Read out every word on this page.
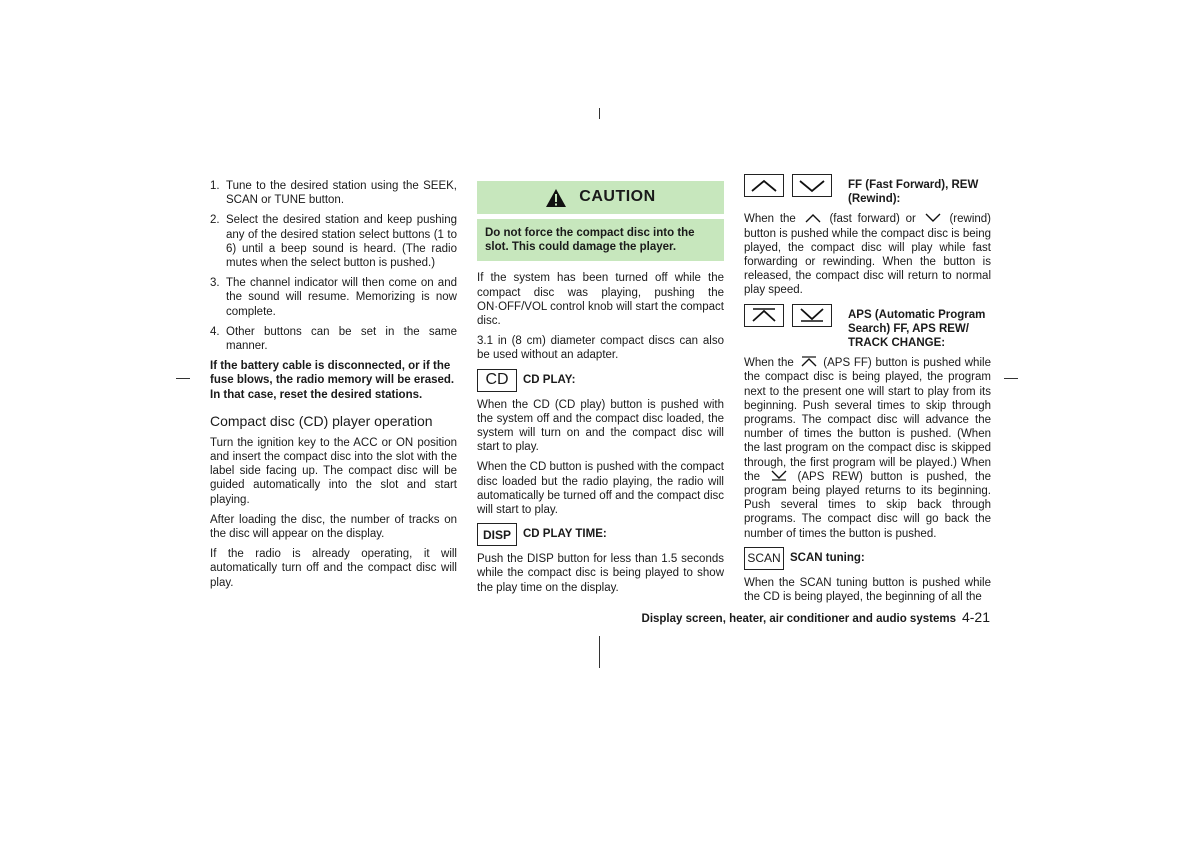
1. Tune to the desired station using the SEEK, SCAN or TUNE button.
2. Select the desired station and keep pushing any of the desired station select buttons (1 to 6) until a beep sound is heard. (The radio mutes when the select button is pushed.)
3. The channel indicator will then come on and the sound will resume. Memorizing is now complete.
4. Other buttons can be set in the same manner.

If the battery cable is disconnected, or if the fuse blows, the radio memory will be erased. In that case, reset the desired stations.

Compact disc (CD) player operation

Turn the ignition key to the ACC or ON position and insert the compact disc into the slot with the label side facing up. The compact disc will be guided automatically into the slot and start playing.

After loading the disc, the number of tracks on the disc will appear on the display.

If the radio is already operating, it will automatically turn off and the compact disc will play.

CAUTION
Do not force the compact disc into the slot. This could damage the player.

If the system has been turned off while the compact disc was playing, pushing the ON·OFF/VOL control knob will start the compact disc.

3.1 in (8 cm) diameter compact discs can also be used without an adapter.

CD	CD PLAY:

When the CD (CD play) button is pushed with the system off and the compact disc loaded, the system will turn on and the compact disc will start to play.

When the CD button is pushed with the compact disc loaded but the radio playing, the radio will automatically be turned off and the compact disc will start to play.

DISP	CD PLAY TIME:

Push the DISP button for less than 1.5 seconds while the compact disc is being played to show the play time on the display.

FF (Fast Forward), REW (Rewind):

When the	(fast forward) or	(rewind) button is pushed while the compact disc is being played, the compact disc will play while fast forwarding or rewinding. When the button is released, the compact disc will return to normal play speed.

APS (Automatic Program Search) FF, APS REW/ TRACK CHANGE:

When the	(APS FF) button is pushed while the compact disc is being played, the program next to the present one will start to play from its beginning. Push several times to skip through programs. The compact disc will advance the number of times the button is pushed. (When the last program on the compact disc is skipped through, the first program will be played.) When the	(APS REW) button is pushed, the program being played returns to its beginning. Push several times to skip back through programs. The compact disc will go back the number of times the button is pushed.

SCAN SCAN tuning:

When the SCAN tuning button is pushed while the CD is being played, the beginning of all the

Display screen, heater, air conditioner and audio systems 4-21
